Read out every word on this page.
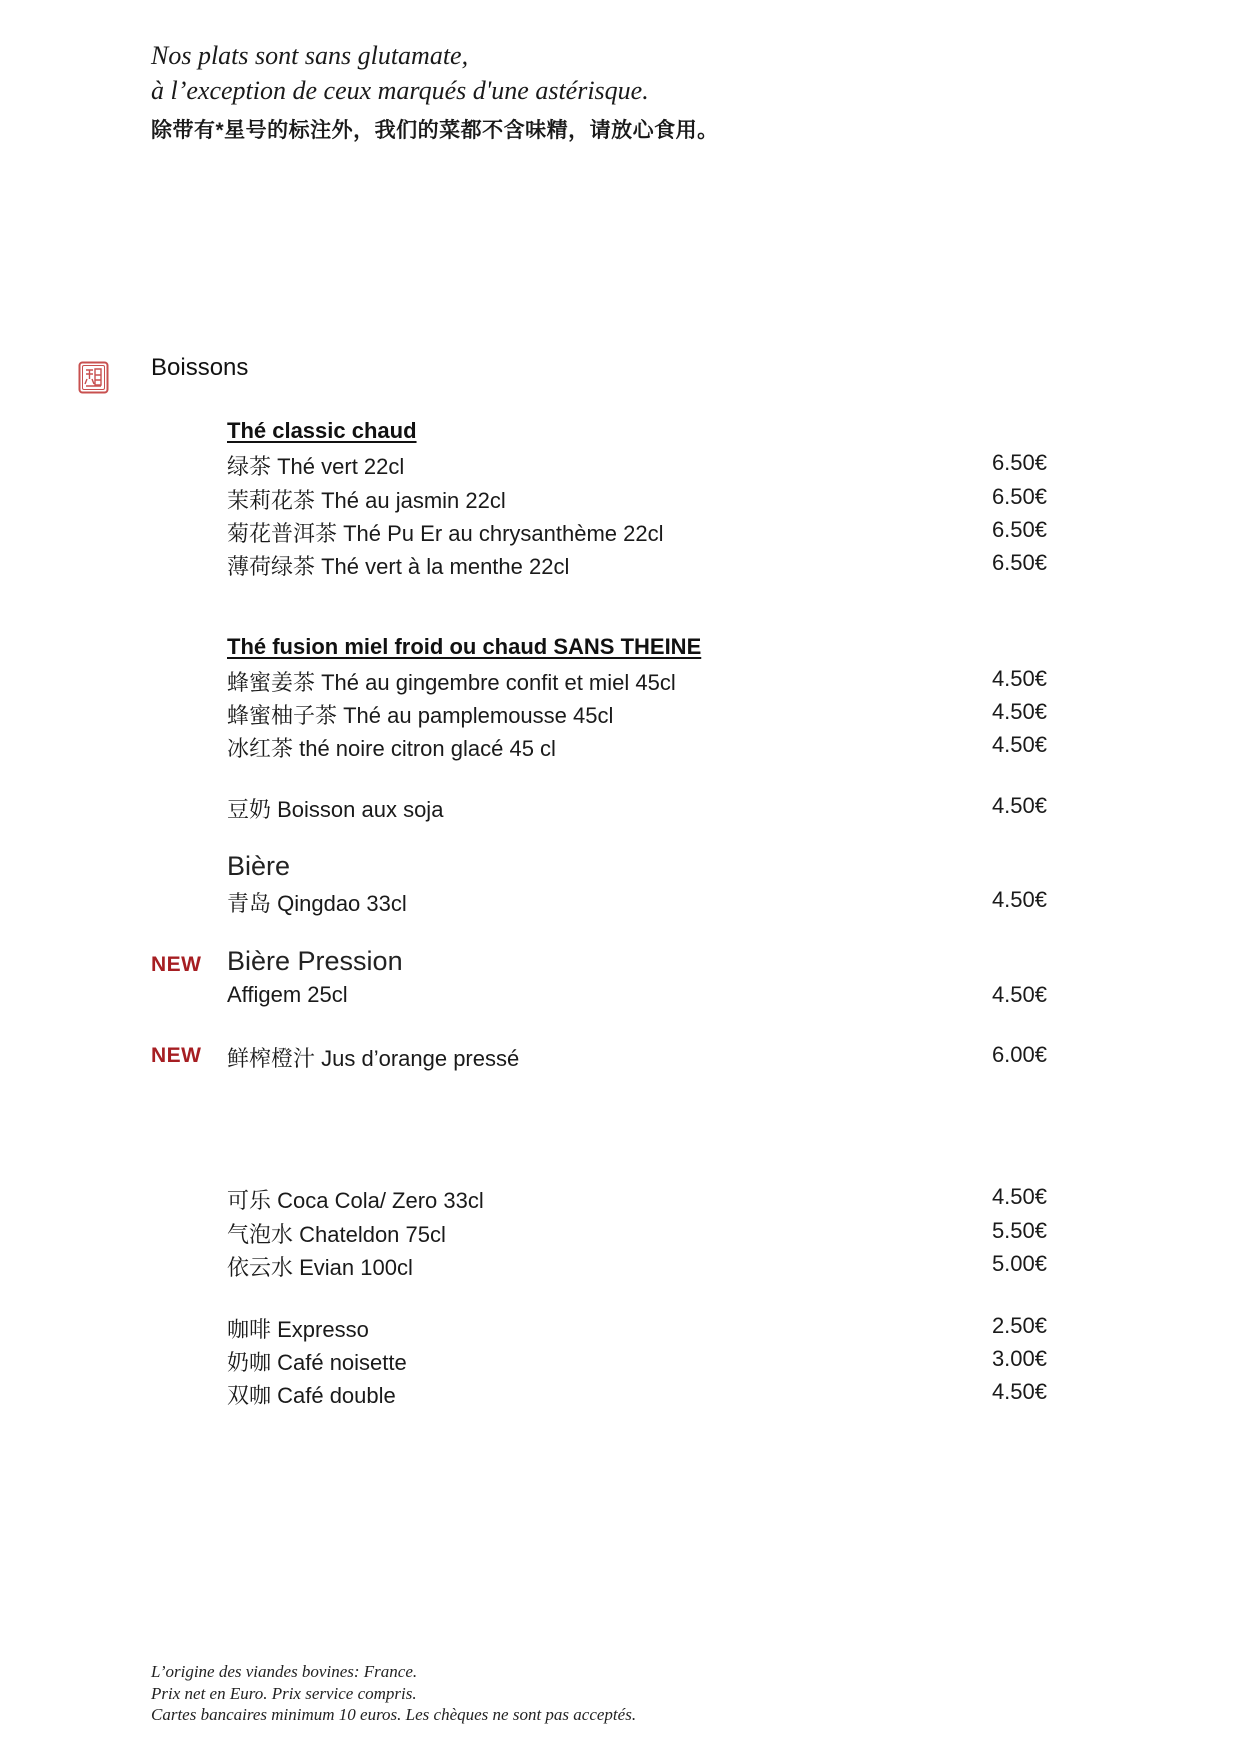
Nos plats sont sans glutamate,
à l’exception de ceux marqués d'une astérisque.
除带有*星号的标注外，我们的菜都不含味精，请放心食用。
Boissons
Thé classic chaud
绿茶 Thé vert 22cl	6.50€
茉莉花茶 Thé au jasmin 22cl	6.50€
菊花普洱茶 Thé Pu Er au chrysanthème 22cl	6.50€
薄荷绿茶 Thé vert à la menthe 22cl	6.50€
Thé fusion miel froid ou chaud SANS THEINE
蜂蜜姜茶 Thé au gingembre confit et miel 45cl	4.50€
蜂蜜柚子茶 Thé au pamplemousse 45cl	4.50€
冰红茶 thé noire citron glacé 45 cl	4.50€
豆奶 Boisson aux soja	4.50€
Bière
青岛 Qingdao 33cl	4.50€
NEW Bière Pression
Affigem 25cl	4.50€
NEW 鲜榨橙汁 Jus d’orange pressé	6.00€
可乐 Coca Cola/ Zero 33cl	4.50€
气泡水 Chateldon 75cl	5.50€
依云水 Evian 100cl	5.00€
咖啡 Expresso	2.50€
奶咖 Café noisette	3.00€
双咖 Café double	4.50€
L’origine des viandes bovines: France.
Prix net en Euro. Prix service compris.
Cartes bancaires minimum 10 euros. Les chèques ne sont pas acceptés.
